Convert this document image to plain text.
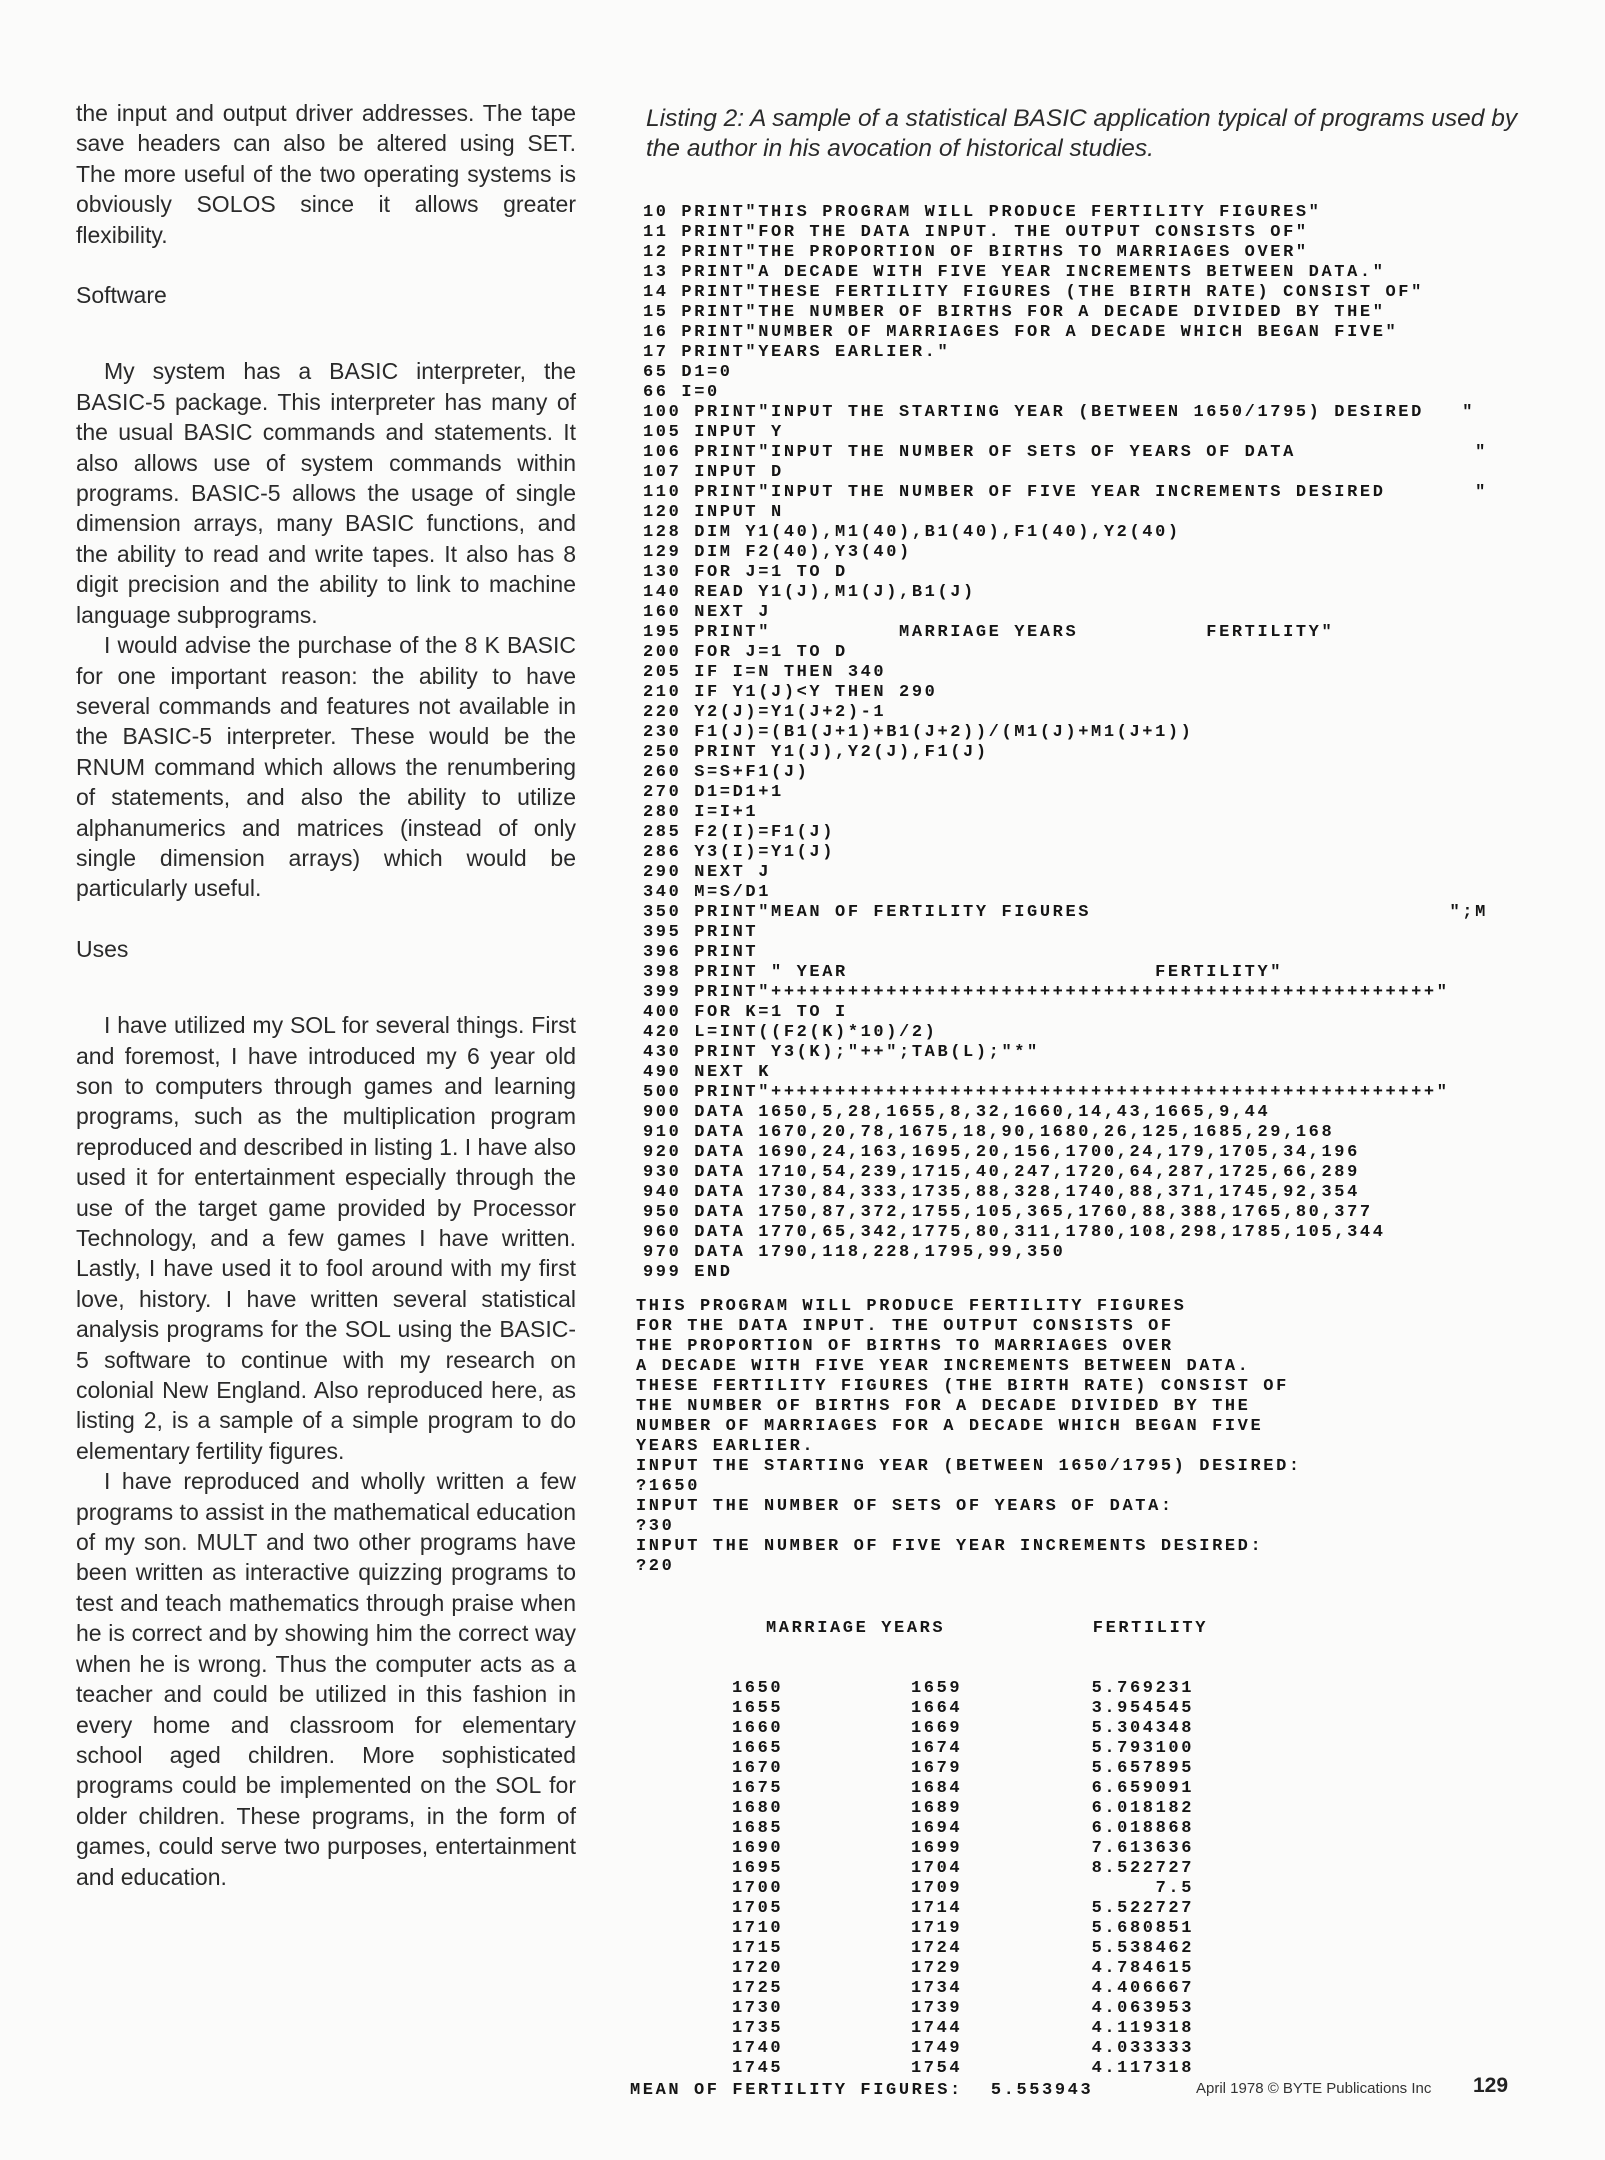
the input and output driver addresses. The tape save headers can also be altered using SET. The more useful of the two operating systems is obviously SOLOS since it allows greater flexibility.

Software

My system has a BASIC interpreter, the BASIC-5 package. This interpreter has many of the usual BASIC commands and statements. It also allows use of system commands within programs. BASIC-5 allows the usage of single dimension arrays, many BASIC functions, and the ability to read and write tapes. It also has 8 digit precision and the ability to link to machine language subprograms.

I would advise the purchase of the 8 K BASIC for one important reason: the ability to have several commands and features not available in the BASIC-5 interpreter. These would be the RNUM command which allows the renumbering of statements, and also the ability to utilize alphanumerics and matrices (instead of only single dimension arrays) which would be particularly useful.

Uses

I have utilized my SOL for several things. First and foremost, I have introduced my 6 year old son to computers through games and learning programs, such as the multiplication program reproduced and described in listing 1. I have also used it for entertainment especially through the use of the target game provided by Processor Technology, and a few games I have written. Lastly, I have used it to fool around with my first love, history. I have written several statistical analysis programs for the SOL using the BASIC-5 software to continue with my research on colonial New England. Also reproduced here, as listing 2, is a sample of a simple program to do elementary fertility figures.

I have reproduced and wholly written a few programs to assist in the mathematical education of my son. MULT and two other programs have been written as interactive quizzing programs to test and teach mathematics through praise when he is correct and by showing him the correct way when he is wrong. Thus the computer acts as a teacher and could be utilized in this fashion in every home and classroom for elementary school aged children. More sophisticated programs could be implemented on the SOL for older children. These programs, in the form of games, could serve two purposes, entertainment and education.

Listing 2: A sample of a statistical BASIC application typical of programs used by the author in his avocation of historical studies.
10 PRINT"THIS PROGRAM WILL PRODUCE FERTILITY FIGURES"
11 PRINT"FOR THE DATA INPUT. THE OUTPUT CONSISTS OF"
12 PRINT"THE PROPORTION OF BIRTHS TO MARRIAGES OVER"
13 PRINT"A DECADE WITH FIVE YEAR INCREMENTS BETWEEN DATA."
14 PRINT"THESE FERTILITY FIGURES (THE BIRTH RATE) CONSIST OF"
15 PRINT"THE NUMBER OF BIRTHS FOR A DECADE DIVIDED BY THE"
16 PRINT"NUMBER OF MARRIAGES FOR A DECADE WHICH BEGAN FIVE"
17 PRINT"YEARS EARLIER."
65 D1=0
66 I=0
100 PRINT"INPUT THE STARTING YEAR (BETWEEN 1650/1795) DESIRED   "
105 INPUT Y
106 PRINT"INPUT THE NUMBER OF SETS OF YEARS OF DATA              "
107 INPUT D
110 PRINT"INPUT THE NUMBER OF FIVE YEAR INCREMENTS DESIRED       "
120 INPUT N
128 DIM Y1(40),M1(40),B1(40),F1(40),Y2(40)
129 DIM F2(40),Y3(40)
130 FOR J=1 TO D
140 READ Y1(J),M1(J),B1(J)
160 NEXT J
195 PRINT"          MARRIAGE YEARS          FERTILITY"
200 FOR J=1 TO D
205 IF I=N THEN 340
210 IF Y1(J)<Y THEN 290
220 Y2(J)=Y1(J+2)-1
230 F1(J)=(B1(J+1)+B1(J+2))/(M1(J)+M1(J+1))
250 PRINT Y1(J),Y2(J),F1(J)
260 S=S+F1(J)
270 D1=D1+1
280 I=I+1
285 F2(I)=F1(J)
286 Y3(I)=Y1(J)
290 NEXT J
340 M=S/D1
350 PRINT"MEAN OF FERTILITY FIGURES                            ";M
395 PRINT
396 PRINT
398 PRINT " YEAR                        FERTILITY"
399 PRINT"++++++++++++++++++++++++++++++++++++++++++++++++++++"
400 FOR K=1 TO I
420 L=INT((F2(K)*10)/2)
430 PRINT Y3(K);"++";TAB(L);"*"
490 NEXT K
500 PRINT"++++++++++++++++++++++++++++++++++++++++++++++++++++"
900 DATA 1650,5,28,1655,8,32,1660,14,43,1665,9,44
910 DATA 1670,20,78,1675,18,90,1680,26,125,1685,29,168
920 DATA 1690,24,163,1695,20,156,1700,24,179,1705,34,196
930 DATA 1710,54,239,1715,40,247,1720,64,287,1725,66,289
940 DATA 1730,84,333,1735,88,328,1740,88,371,1745,92,354
950 DATA 1750,87,372,1755,105,365,1760,88,388,1765,80,377
960 DATA 1770,65,342,1775,80,311,1780,108,298,1785,105,344
970 DATA 1790,118,228,1795,99,350
999 END
THIS PROGRAM WILL PRODUCE FERTILITY FIGURES
FOR THE DATA INPUT. THE OUTPUT CONSISTS OF
THE PROPORTION OF BIRTHS TO MARRIAGES OVER
A DECADE WITH FIVE YEAR INCREMENTS BETWEEN DATA.
THESE FERTILITY FIGURES (THE BIRTH RATE) CONSIST OF
THE NUMBER OF BIRTHS FOR A DECADE DIVIDED BY THE
NUMBER OF MARRIAGES FOR A DECADE WHICH BEGAN FIVE
YEARS EARLIER.
INPUT THE STARTING YEAR (BETWEEN 1650/1795) DESIRED:
?1650
INPUT THE NUMBER OF SETS OF YEARS OF DATA:
?30
INPUT THE NUMBER OF FIVE YEAR INCREMENTS DESIRED:
?20

MARRIAGE YEARS

	FERTILITY

1650	1659	5.769231
1655	1664	3.954545
1660	1669	5.304348
1665	1674	5.793100
1670	1679	5.657895
1675	1684	6.659091
1680	1689	6.018182
1685	1694	6.018868
1690	1699	7.613636
1695	1704	8.522727
1700	1709	7.5
1705	1714	5.522727
1710	1719	5.680851
1715	1724	5.538462
1720	1729	4.784615
1725	1734	4.406667
1730	1739	4.063953
1735	1744	4.119318
1740	1749	4.033333
1745	1754	4.117318
MEAN OF FERTILITY FIGURES: 5.553943	April 1978 © BYTE Publications Inc 129
